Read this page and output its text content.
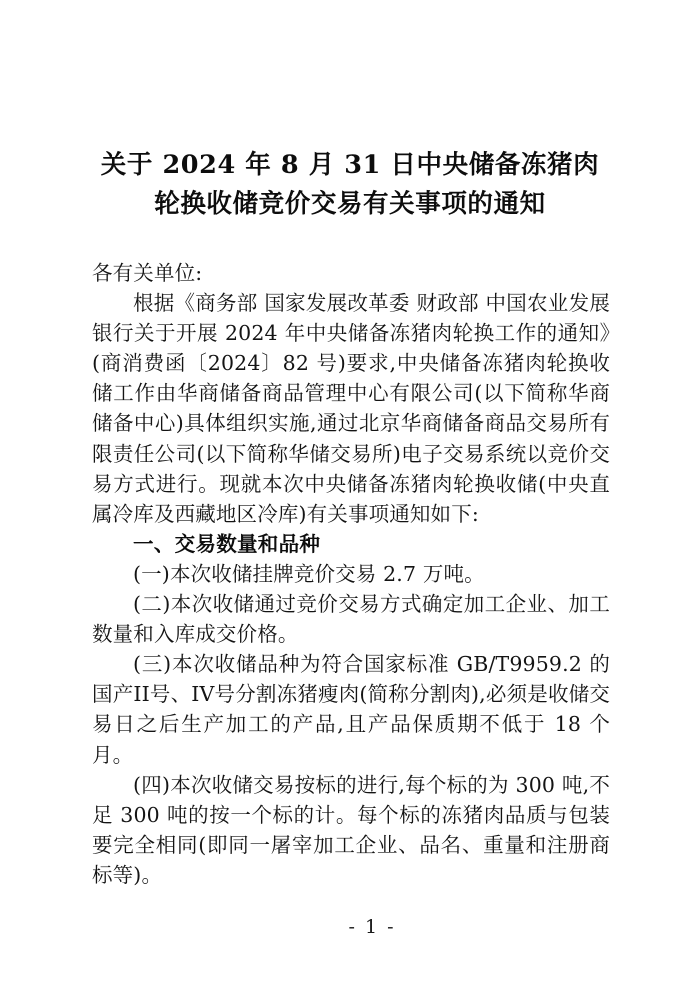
关于 2024 年 8 月 31 日中央储备冻猪肉
轮换收储竞价交易有关事项的通知

各有关单位:

根据《商务部 国家发展改革委 财政部 中国农业发展银行关于开展 2024 年中央储备冻猪肉轮换工作的通知》(商消费函〔2024〕82 号)要求,中央储备冻猪肉轮换收储工作由华商储备商品管理中心有限公司(以下简称华商储备中心)具体组织实施,通过北京华商储备商品交易所有限责任公司(以下简称华储交易所)电子交易系统以竞价交易方式进行。现就本次中央储备冻猪肉轮换收储(中央直属冷库及西藏地区冷库)有关事项通知如下:

一、交易数量和品种

(一)本次收储挂牌竞价交易 2.7 万吨。

(二)本次收储通过竞价交易方式确定加工企业、加工数量和入库成交价格。

(三)本次收储品种为符合国家标准 GB/T9959.2 的国产II号、IV号分割冻猪瘦肉(简称分割肉),必须是收储交易日之后生产加工的产品,且产品保质期不低于 18 个月。

(四)本次收储交易按标的进行,每个标的为 300 吨,不足 300 吨的按一个标的计。每个标的冻猪肉品质与包装要完全相同(即同一屠宰加工企业、品名、重量和注册商标等)。

- 1 -
